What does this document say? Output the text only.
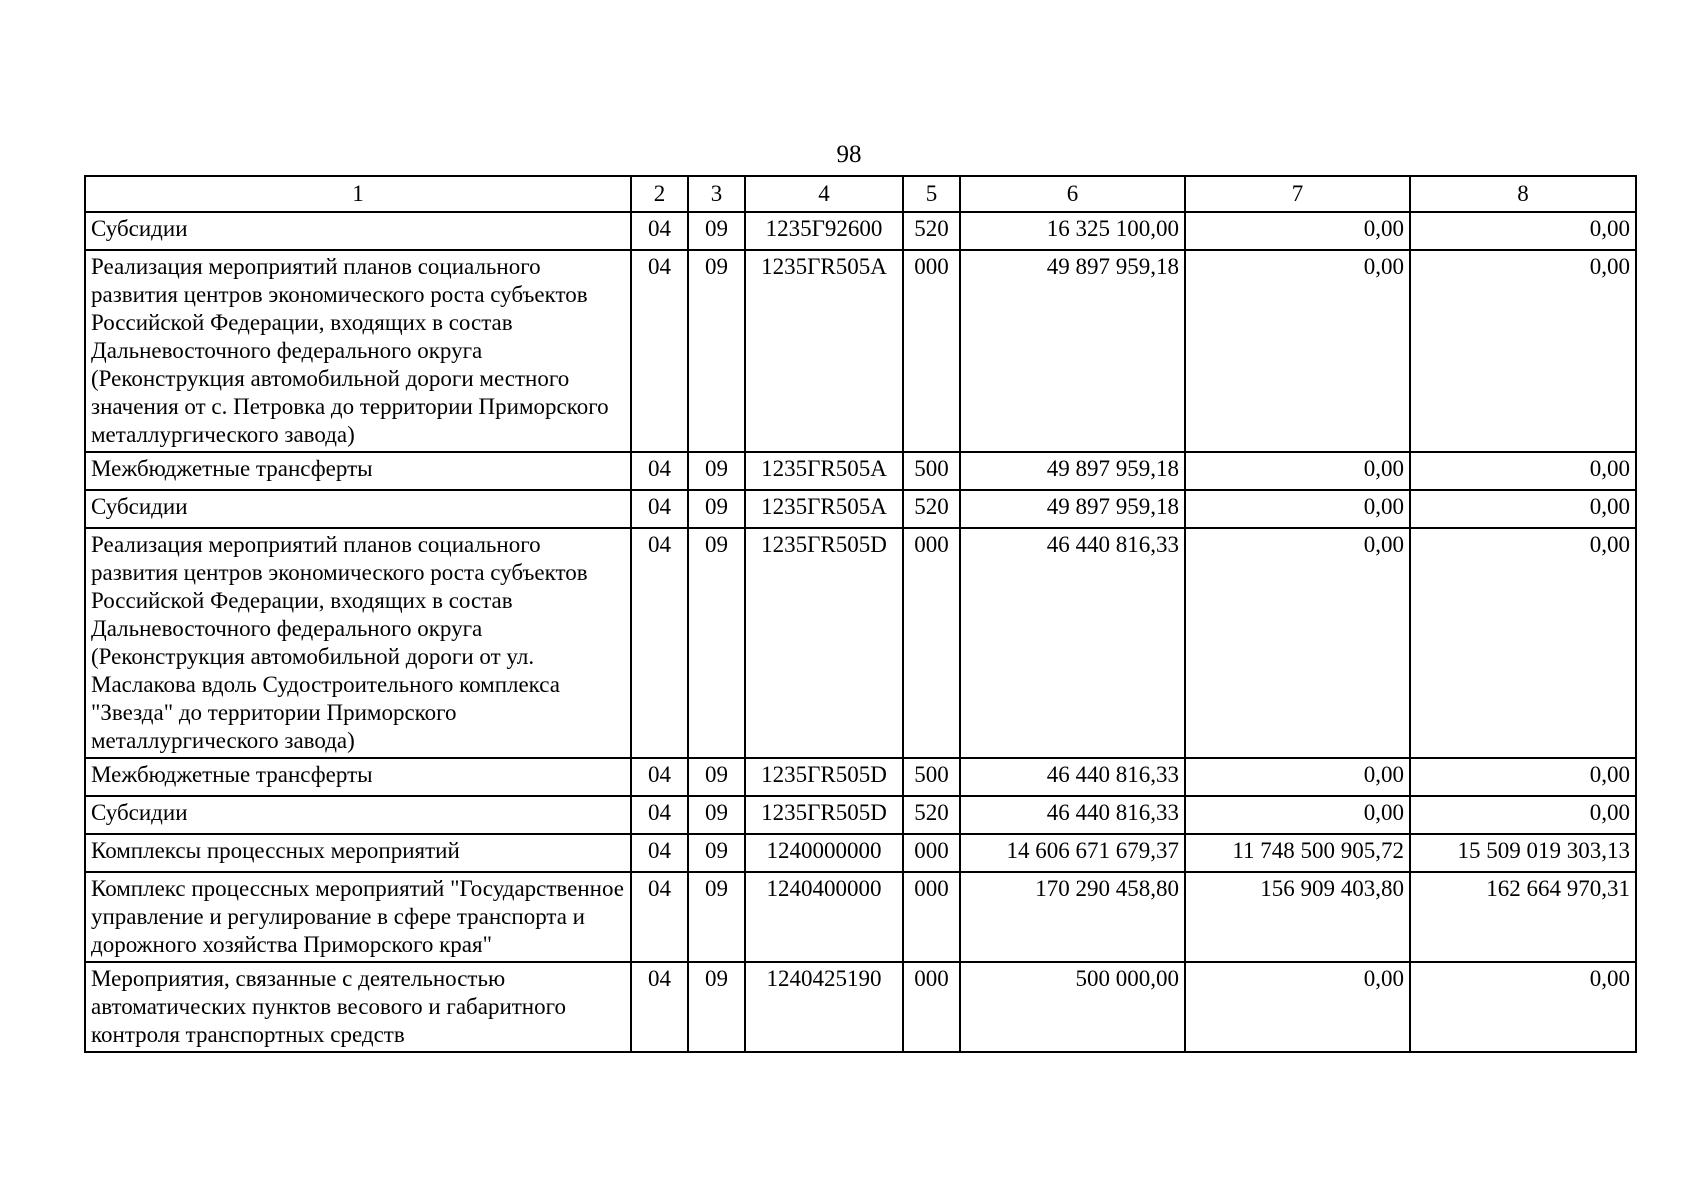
98
1	2	3	4	5	6	7	8
Субсидии	04	09	1235Г92600	520	16 325 100,00	0,00	0,00
Реализация мероприятий планов социального развития центров экономического роста субъектов Российской Федерации, входящих в состав Дальневосточного федерального округа (Реконструкция автомобильной дороги местного значения от с. Петровка до территории Приморского металлургического завода)	04	09	1235ГR505A	000	49 897 959,18	0,00	0,00
Межбюджетные трансферты	04	09	1235ГR505A	500	49 897 959,18	0,00	0,00
Субсидии	04	09	1235ГR505A	520	49 897 959,18	0,00	0,00
Реализация мероприятий планов социального развития центров экономического роста субъектов Российской Федерации, входящих в состав Дальневосточного федерального округа (Реконструкция автомобильной дороги от ул. Маслакова вдоль Судостроительного комплекса "Звезда" до территории Приморского металлургического завода)	04	09	1235ГR505D	000	46 440 816,33	0,00	0,00
Межбюджетные трансферты	04	09	1235ГR505D	500	46 440 816,33	0,00	0,00
Субсидии	04	09	1235ГR505D	520	46 440 816,33	0,00	0,00
Комплексы процессных мероприятий	04	09	1240000000	000	14 606 671 679,37	11 748 500 905,72	15 509 019 303,13
Комплекс процессных мероприятий "Государственное управление и регулирование в сфере транспорта и дорожного хозяйства Приморского края"	04	09	1240400000	000	170 290 458,80	156 909 403,80	162 664 970,31
Мероприятия, связанные с деятельностью автоматических пунктов весового и габаритного контроля транспортных средств	04	09	1240425190	000	500 000,00	0,00	0,00
